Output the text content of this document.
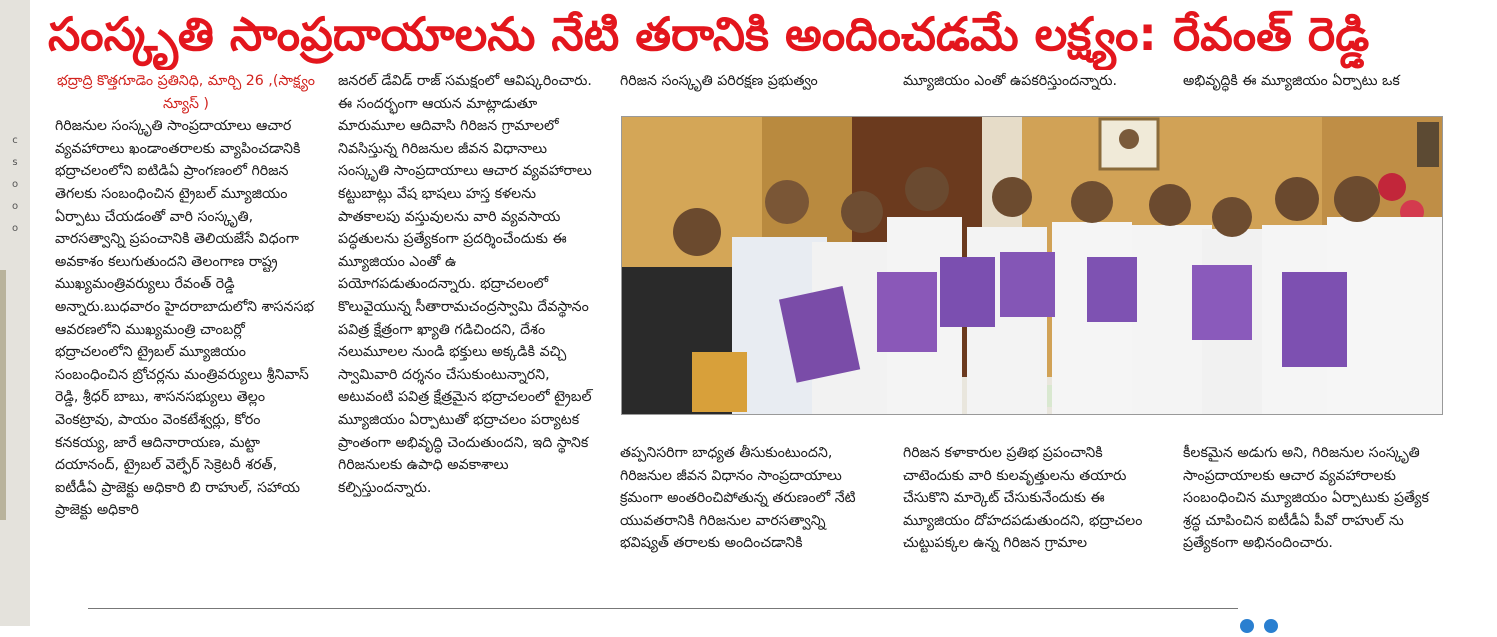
c
s
o
o
o
సంస్కృతి సాంప్రదాయాలను నేటి తరానికి అందించడమే లక్ష్యం: రేవంత్ రెడ్డి

భద్రాద్రి కొత్తగూడెం ప్రతినిధి, మార్చి 26 ,(సాక్ష్యం న్యూస్ )

గిరిజనుల సంస్కృతి సాంప్రదాయాలు ఆచార వ్యవహారాలు ఖండాంతరాలకు వ్యాపించడానికి భద్రాచలంలోని ఐటిడిఏ ప్రాంగణంలో గిరిజన తెగలకు సంబంధించిన ట్రైబల్ మ్యూజియం ఏర్పాటు చేయడంతో వారి సంస్కృతి, వారసత్వాన్ని ప్రపంచానికి తెలియజేసే విధంగా అవకాశం కలుగుతుందని తెలంగాణ రాష్ట్ర ముఖ్యమంత్రివర్యులు రేవంత్ రెడ్డి అన్నారు.బుధవారం హైదరాబాదులోని శాసనసభ ఆవరణలోని ముఖ్యమంత్రి చాంబర్లో భద్రాచలంలోని ట్రైబల్ మ్యూజియం సంబంధించిన బ్రోచర్లను మంత్రివర్యులు శ్రీనివాస్ రెడ్డి, శ్రీధర్ బాబు, శాసనసభ్యులు తెల్లం వెంకట్రావు, పాయం వెంకటేశ్వర్లు, కోరం కనకయ్య, జారే ఆదినారాయణ, మట్టా దయానంద్, ట్రైబల్ వెల్ఫేర్ సెక్రెటరీ శరత్, ఐటీడీఏ ప్రాజెక్టు అధికారి బి రాహుల్, సహాయ ప్రాజెక్టు అధికారి

జనరల్ డేవిడ్ రాజ్ సమక్షంలో ఆవిష్కరించారు. ఈ సందర్భంగా ఆయన మాట్లాడుతూ మారుమూల ఆదివాసి గిరిజన గ్రామాలలో నివసిస్తున్న గిరిజనుల జీవన విధానాలు సంస్కృతి సాంప్రదాయాలు ఆచార వ్యవహారాలు కట్టుబాట్లు వేష భాషలు హస్త కళలను పాతకాలపు వస్తువులను వారి వ్యవసాయ పద్ధతులను ప్రత్యేకంగా ప్రదర్శించేందుకు ఈ మ్యూజియం ఎంతో ఉ పయోగపడుతుందన్నారు. భద్రాచలంలో కొలువైయున్న సీతారామచంద్రస్వామి దేవస్థానం పవిత్ర క్షేత్రంగా ఖ్యాతి గడిచిందని, దేశం నలుమూలల నుండి భక్తులు అక్కడికి వచ్చి స్వామివారి దర్శనం చేసుకుంటున్నారని, అటువంటి పవిత్ర క్షేత్రమైన భద్రాచలంలో ట్రైబల్ మ్యూజియం ఏర్పాటుతో భద్రాచలం పర్యాటక ప్రాంతంగా అభివృద్ధి చెందుతుందని, ఇది స్థానిక గిరిజనులకు ఉపాధి అవకాశాలు కల్పిస్తుందన్నారు.

గిరిజన సంస్కృతి పరిరక్షణ ప్రభుత్వం	మ్యూజియం ఎంతో ఉపకరిస్తుందన్నారు.	అభివృద్ధికి ఈ మ్యూజియం ఏర్పాటు ఒక

తప్పనిసరిగా బాధ్యత తీసుకుంటుందని, గిరిజనుల జీవన విధానం సాంప్రదాయాలు క్రమంగా అంతరించిపోతున్న తరుణంలో నేటి యువతరానికి గిరిజనుల వారసత్వాన్ని భవిష్యత్ తరాలకు అందించడానికి

గిరిజన కళాకారుల ప్రతిభ ప్రపంచానికి చాటెందుకు వారి కులవృత్తులను తయారు చేసుకొని మార్కెట్ చేసుకునేందుకు ఈ మ్యూజియం దోహదపడుతుందని, భద్రాచలం చుట్టుపక్కల ఉన్న గిరిజన గ్రామాల

కీలకమైన అడుగు అని, గిరిజనుల సంస్కృతి సాంప్రదాయాలకు ఆచార వ్యవహారాలకు సంబంధించిన మ్యూజియం ఏర్పాటుకు ప్రత్యేక శ్రద్ధ చూపించిన ఐటీడీఏ పీవో రాహుల్ ను ప్రత్యేకంగా అభినందించారు.
